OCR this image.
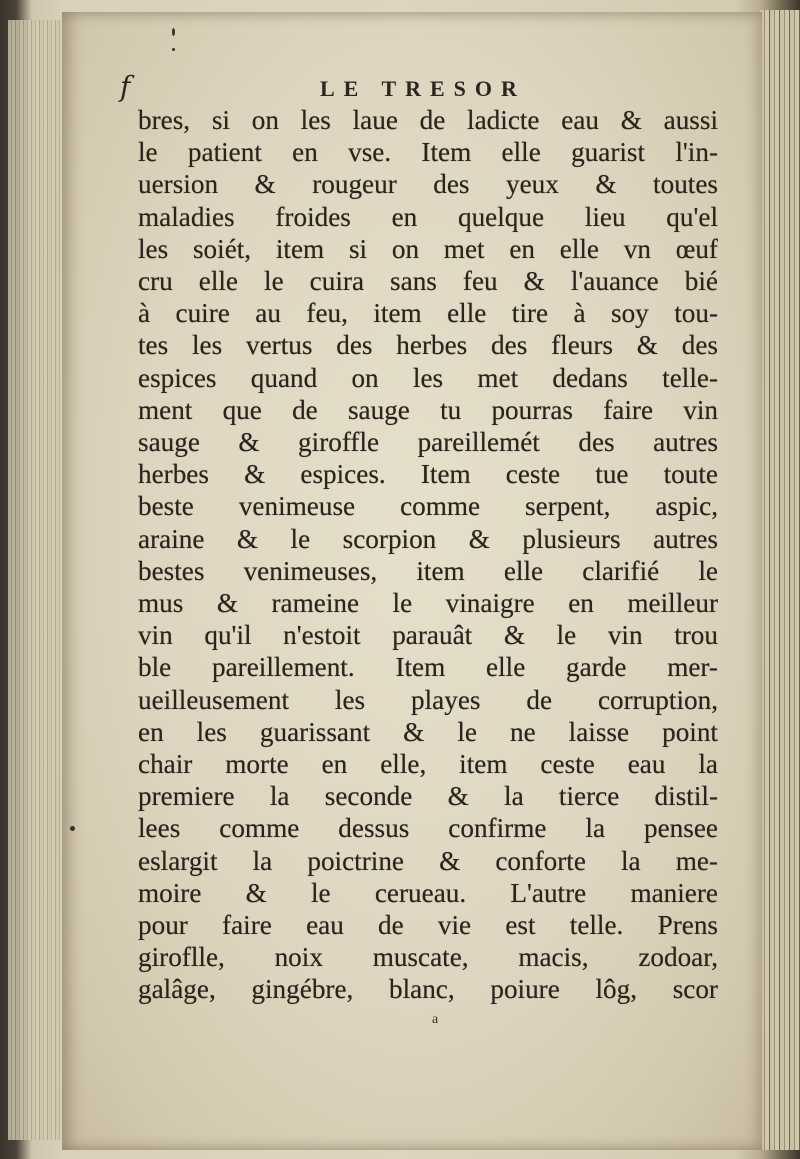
f	LE TRESOR
bres, si on les laue de ladicte eau & aussi
le patient en vse. Item elle guarist l'in-
uersion & rougeur des yeux & toutes
maladies froides en quelque lieu qu'el
les soiét, item si on met en elle vn œuf
cru elle le cuira sans feu & l'auance bié
à cuire au feu, item elle tire à soy tou-
tes les vertus des herbes des fleurs & des
espices quand on les met dedans telle-
ment que de sauge tu pourras faire vin
sauge & giroffle pareillemét des autres
herbes & espices. Item ceste tue toute
beste venimeuse comme serpent, aspic,
araine & le scorpion & plusieurs autres
bestes venimeuses, item elle clarifié le
mus & rameine le vinaigre en meilleur
vin qu'il n'estoit parauât & le vin trou
ble pareillement. Item elle garde mer-
ueilleusement les playes de corruption,
en les guarissant & le ne laisse point
chair morte en elle, item ceste eau la
premiere la seconde & la tierce distil-
lees comme dessus confirme la pensee
eslargit la poictrine & conforte la me-
moire & le cerueau. L'autre maniere
pour faire eau de vie est telle. Prens
giroflle, noix muscate, macis, zodoar,
galâge, gingébre, blanc, poiure lôg, scor
a
